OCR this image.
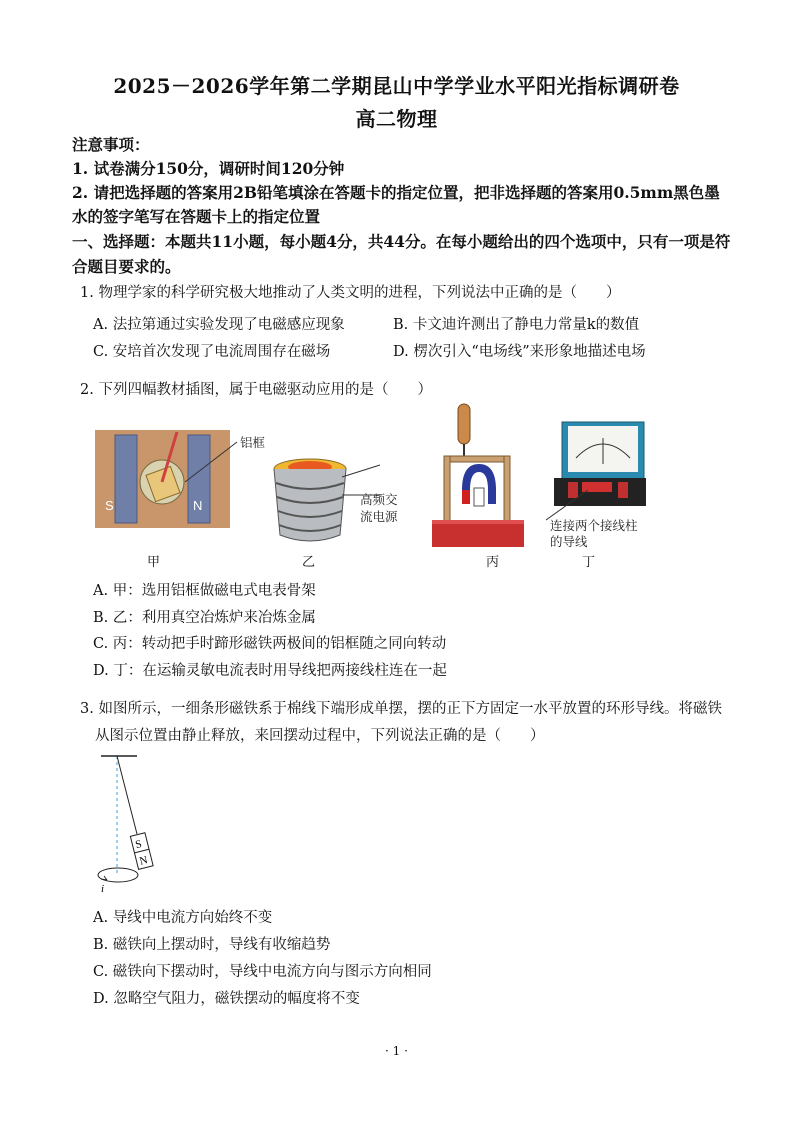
2025－2026学年第二学期昆山中学学业水平阳光指标调研卷
高二物理
注意事项：
1. 试卷满分150分，调研时间120分钟
2. 请把选择题的答案用2B铅笔填涂在答题卡的指定位置，把非选择题的答案用0.5mm黑色墨
水的签字笔写在答题卡上的指定位置
一、选择题：本题共11小题，每小题4分，共44分。在每小题给出的四个选项中，只有一项是符
合题目要求的。
1. 物理学家的科学研究极大地推动了人类文明的进程，下列说法中正确的是（　　）
A. 法拉第通过实验发现了电磁感应现象	B. 卡文迪许测出了静电力常量k的数值
C. 安培首次发现了电流周围存在磁场	D. 楞次引入“电场线”来形象地描述电场
2. 下列四幅教材插图，属于电磁驱动应用的是（　　）
S	N
铝框
高频交
流电源
连接两个接线柱
的导线
甲	乙	丙	丁
A. 甲：选用铝框做磁电式电表骨架
B. 乙：利用真空冶炼炉来冶炼金属
C. 丙：转动把手时蹄形磁铁两极间的铝框随之同向转动
D. 丁：在运输灵敏电流表时用导线把两接线柱连在一起
3. 如图所示，一细条形磁铁系于棉线下端形成单摆，摆的正下方固定一水平放置的环形导线。将磁铁
从图示位置由静止释放，来回摆动过程中，下列说法正确的是（　　）
S
N
i
A. 导线中电流方向始终不变
B. 磁铁向上摆动时，导线有收缩趋势
C. 磁铁向下摆动时，导线中电流方向与图示方向相同
D. 忽略空气阻力，磁铁摆动的幅度将不变
· 1 ·
